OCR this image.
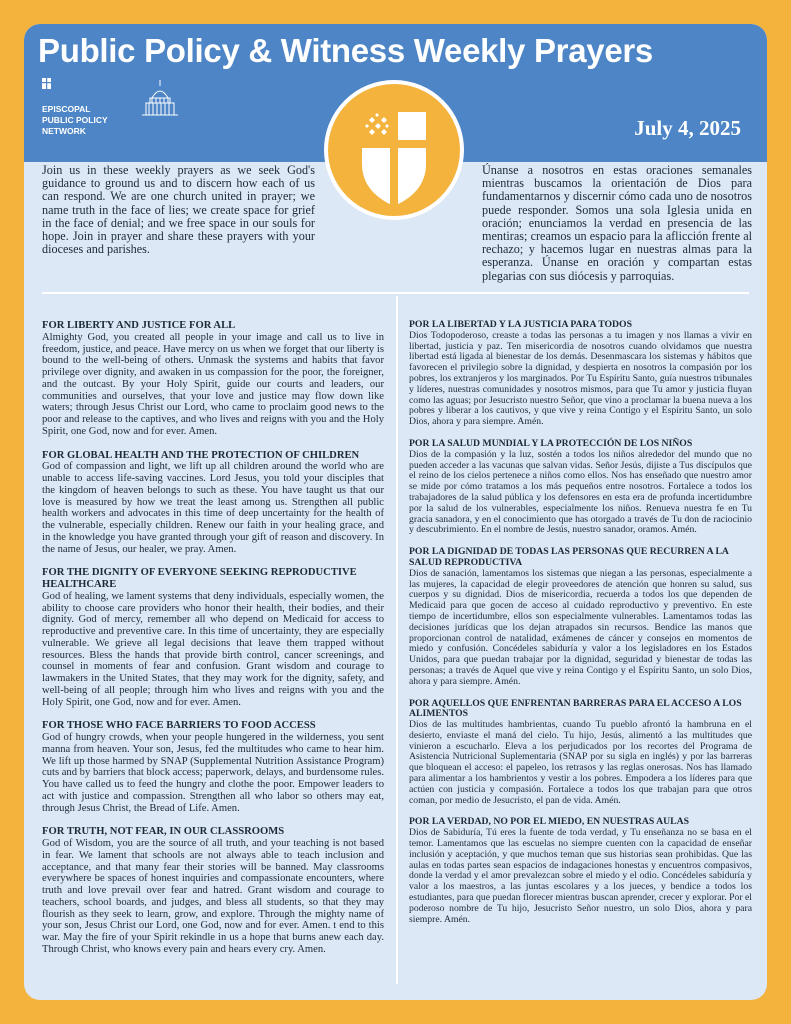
Public Policy & Witness Weekly Prayers
EPISCOPAL
PUBLIC POLICY
NETWORK	July 4, 2025
Join us in these weekly prayers as we seek God's guidance to ground us and to discern how each of us can respond. We are one church united in prayer; we name truth in the face of lies; we create space for grief in the face of denial; and we free space in our souls for hope. Join in prayer and share these prayers with your dioceses and parishes.
Únanse a nosotros en estas oraciones semanales mientras buscamos la orientación de Dios para fundamentarnos y discernir cómo cada uno de nosotros puede responder. Somos una sola Iglesia unida en oración; enunciamos la verdad en presencia de las mentiras; creamos un espacio para la aflicción frente al rechazo; y hacemos lugar en nuestras almas para la esperanza. Únanse en oración y compartan estas plegarias con sus diócesis y parroquias.
FOR LIBERTY AND JUSTICE FOR ALL
Almighty God, you created all people in your image and call us to live in freedom, justice, and peace. Have mercy on us when we forget that our liberty is bound to the well-being of others. Unmask the systems and habits that favor privilege over dignity, and awaken in us compassion for the poor, the foreigner, and the outcast. By your Holy Spirit, guide our courts and leaders, our communities and ourselves, that your love and justice may flow down like waters; through Jesus Christ our Lord, who came to proclaim good news to the poor and release to the captives, and who lives and reigns with you and the Holy Spirit, one God, now and for ever. Amen.
FOR GLOBAL HEALTH AND THE PROTECTION OF CHILDREN
God of compassion and light, we lift up all children around the world who are unable to access life-saving vaccines. Lord Jesus, you told your disciples that the kingdom of heaven belongs to such as these. You have taught us that our love is measured by how we treat the least among us. Strengthen all public health workers and advocates in this time of deep uncertainty for the health of the vulnerable, especially children. Renew our faith in your healing grace, and in the knowledge you have granted through your gift of reason and discovery. In the name of Jesus, our healer, we pray. Amen.
FOR THE DIGNITY OF EVERYONE SEEKING REPRODUCTIVE HEALTHCARE
God of healing, we lament systems that deny individuals, especially women, the ability to choose care providers who honor their health, their bodies, and their dignity. God of mercy, remember all who depend on Medicaid for access to reproductive and preventive care. In this time of uncertainty, they are especially vulnerable. We grieve all legal decisions that leave them trapped without resources. Bless the hands that provide birth control, cancer screenings, and counsel in moments of fear and confusion. Grant wisdom and courage to lawmakers in the United States, that they may work for the dignity, safety, and well-being of all people; through him who lives and reigns with you and the Holy Spirit, one God, now and for ever. Amen.
FOR THOSE WHO FACE BARRIERS TO FOOD ACCESS
God of hungry crowds, when your people hungered in the wilderness, you sent manna from heaven. Your son, Jesus, fed the multitudes who came to hear him. We lift up those harmed by SNAP (Supplemental Nutrition Assistance Program) cuts and by barriers that block access; paperwork, delays, and burdensome rules. You have called us to feed the hungry and clothe the poor. Empower leaders to act with justice and compassion. Strengthen all who labor so others may eat, through Jesus Christ, the Bread of Life. Amen.
FOR TRUTH, NOT FEAR, IN OUR CLASSROOMS
God of Wisdom, you are the source of all truth, and your teaching is not based in fear. We lament that schools are not always able to teach inclusion and acceptance, and that many fear their stories will be banned. May classrooms everywhere be spaces of honest inquiries and compassionate encounters, where truth and love prevail over fear and hatred. Grant wisdom and courage to teachers, school boards, and judges, and bless all students, so that they may flourish as they seek to learn, grow, and explore. Through the mighty name of your son, Jesus Christ our Lord, one God, now and for ever. Amen. t end to this war. May the fire of your Spirit rekindle in us a hope that burns anew each day. Through Christ, who knows every pain and hears every cry. Amen.
POR LA LIBERTAD Y LA JUSTICIA PARA TODOS
Dios Todopoderoso, creaste a todas las personas a tu imagen y nos llamas a vivir en libertad, justicia y paz. Ten misericordia de nosotros cuando olvidamos que nuestra libertad está ligada al bienestar de los demás. Desenmascara los sistemas y hábitos que favorecen el privilegio sobre la dignidad, y despierta en nosotros la compasión por los pobres, los extranjeros y los marginados. Por Tu Espíritu Santo, guía nuestros tribunales y líderes, nuestras comunidades y nosotros mismos, para que Tu amor y justicia fluyan como las aguas; por Jesucristo nuestro Señor, que vino a proclamar la buena nueva a los pobres y liberar a los cautivos, y que vive y reina Contigo y el Espíritu Santo, un solo Dios, ahora y para siempre. Amén.
POR LA SALUD MUNDIAL Y LA PROTECCIÓN DE LOS NIÑOS
Dios de la compasión y la luz, sostén a todos los niños alrededor del mundo que no pueden acceder a las vacunas que salvan vidas. Señor Jesús, dijiste a Tus discípulos que el reino de los cielos pertenece a niños como ellos. Nos has enseñado que nuestro amor se mide por cómo tratamos a los más pequeños entre nosotros. Fortalece a todos los trabajadores de la salud pública y los defensores en esta era de profunda incertidumbre por la salud de los vulnerables, especialmente los niños. Renueva nuestra fe en Tu gracia sanadora, y en el conocimiento que has otorgado a través de Tu don de raciocinio y descubrimiento. En el nombre de Jesús, nuestro sanador, oramos. Amén.
POR LA DIGNIDAD DE TODAS LAS PERSONAS QUE RECURREN A LA SALUD REPRODUCTIVA
Dios de sanación, lamentamos los sistemas que niegan a las personas, especialmente a las mujeres, la capacidad de elegir proveedores de atención que honren su salud, sus cuerpos y su dignidad. Dios de misericordia, recuerda a todos los que dependen de Medicaid para que gocen de acceso al cuidado reproductivo y preventivo. En este tiempo de incertidumbre, ellos son especialmente vulnerables. Lamentamos todas las decisiones jurídicas que los dejan atrapados sin recursos. Bendice las manos que proporcionan control de natalidad, exámenes de cáncer y consejos en momentos de miedo y confusión. Concédeles sabiduría y valor a los legisladores en los Estados Unidos, para que puedan trabajar por la dignidad, seguridad y bienestar de todas las personas; a través de Aquel que vive y reina Contigo y el Espíritu Santo, un solo Dios, ahora y para siempre. Amén.
POR AQUELLOS QUE ENFRENTAN BARRERAS PARA EL ACCESO A LOS ALIMENTOS
Dios de las multitudes hambrientas, cuando Tu pueblo afrontó la hambruna en el desierto, enviaste el maná del cielo. Tu hijo, Jesús, alimentó a las multitudes que vinieron a escucharlo. Eleva a los perjudicados por los recortes del Programa de Asistencia Nutricional Suplementaria (SNAP por su sigla en inglés) y por las barreras que bloquean el acceso: el papeleo, los retrasos y las reglas onerosas. Nos has llamado para alimentar a los hambrientos y vestir a los pobres. Empodera a los líderes para que actúen con justicia y compasión. Fortalece a todos los que trabajan para que otros coman, por medio de Jesucristo, el pan de vida. Amén.
POR LA VERDAD, NO POR EL MIEDO, EN NUESTRAS AULAS
Dios de Sabiduría, Tú eres la fuente de toda verdad, y Tu enseñanza no se basa en el temor. Lamentamos que las escuelas no siempre cuenten con la capacidad de enseñar inclusión y aceptación, y que muchos teman que sus historias sean prohibidas. Que las aulas en todas partes sean espacios de indagaciones honestas y encuentros compasivos, donde la verdad y el amor prevalezcan sobre el miedo y el odio. Concédeles sabiduría y valor a los maestros, a las juntas escolares y a los jueces, y bendice a todos los estudiantes, para que puedan florecer mientras buscan aprender, crecer y explorar. Por el poderoso nombre de Tu hijo, Jesucristo Señor nuestro, un solo Dios, ahora y para siempre. Amén.
